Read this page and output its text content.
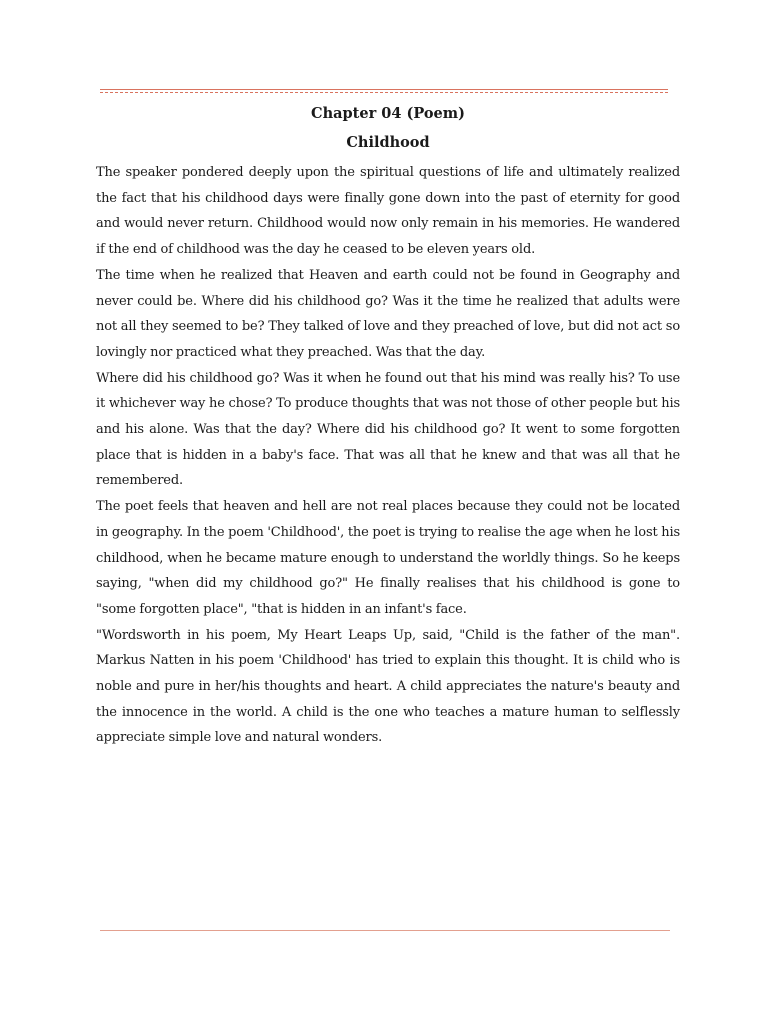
Chapter 04 (Poem)
Childhood

The speaker pondered deeply upon the spiritual questions of life and ultimately realized the fact that his childhood days were finally gone down into the past of eternity for good and would never return. Childhood would now only remain in his memories. He wandered if the end of childhood was the day he ceased to be eleven years old.

The time when he realized that Heaven and earth could not be found in Geography and never could be. Where did his childhood go? Was it the time he realized that adults were not all they seemed to be? They talked of love and they preached of love, but did not act so lovingly nor practiced what they preached. Was that the day.

Where did his childhood go? Was it when he found out that his mind was really his? To use it whichever way he chose? To produce thoughts that was not those of other people but his and his alone. Was that the day? Where did his childhood go? It went to some forgotten place that is hidden in a baby's face. That was all that he knew and that was all that he remembered.

The poet feels that heaven and hell are not real places because they could not be located in geography. In the poem 'Childhood', the poet is trying to realise the age when he lost his childhood, when he became mature enough to understand the worldly things. So he keeps saying, "when did my childhood go?" He finally realises that his childhood is gone to "some forgotten place", "that is hidden in an infant's face.

"Wordsworth in his poem, My Heart Leaps Up, said, "Child is the father of the man". Markus Natten in his poem 'Childhood' has tried to explain this thought. It is child who is noble and pure in her/his thoughts and heart. A child appreciates the nature's beauty and the innocence in the world. A child is the one who teaches a mature human to selflessly appreciate simple love and natural wonders.
